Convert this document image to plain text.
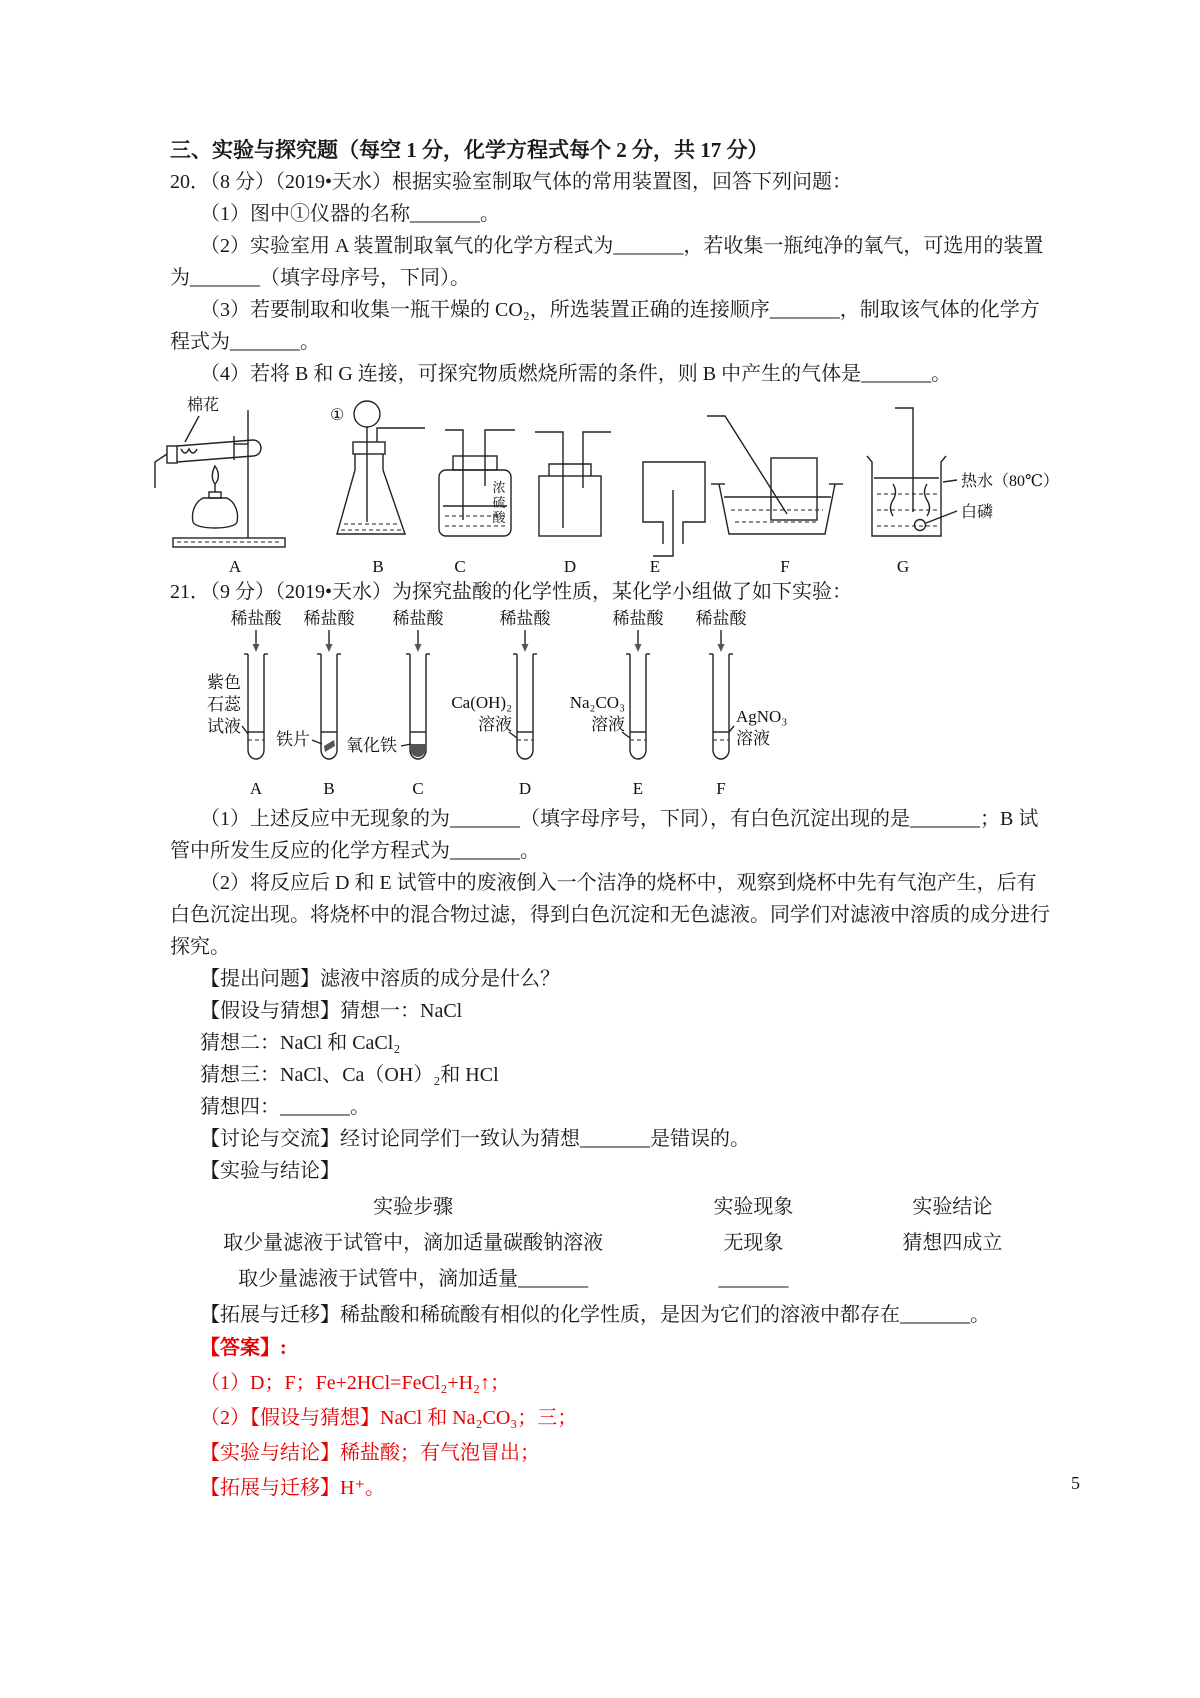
三、实验与探究题（每空 1 分，化学方程式每个 2 分，共 17 分）

20．（8 分）（2019•天水）根据实验室制取气体的常用装置图，回答下列问题：

（1）图中①仪器的名称_______。

（2）实验室用 A 装置制取氧气的化学方程式为_______，若收集一瓶纯净的氧气，可选用的装置为_______（填字母序号，下同）。

（3）若要制取和收集一瓶干燥的 CO₂，所选装置正确的连接顺序_______，制取该气体的化学方程式为_______。

（4）若将 B 和 G 连接，可探究物质燃烧所需的条件，则 B 中产生的气体是_______。

棉花
①
浓
硫
酸
热水（80℃）
白磷
A	B	C	D	E	F	G

21．（9 分）（2019•天水）为探究盐酸的化学性质，某化学小组做了如下实验：

稀盐酸 稀盐酸 稀盐酸	稀盐酸	稀盐酸 稀盐酸
紫色
石蕊
试液
铁片 氧化铁
Ca(OH)₂
溶液
Na₂CO₃
溶液	AgNO₃
溶液
A	B	C	D	E	F

（1）上述反应中无现象的为_______（填字母序号，下同），有白色沉淀出现的是_______；B 试管中所发生反应的化学方程式为_______。

（2）将反应后 D 和 E 试管中的废液倒入一个洁净的烧杯中，观察到烧杯中先有气泡产生，后有白色沉淀出现。将烧杯中的混合物过滤，得到白色沉淀和无色滤液。同学们对滤液中溶质的成分进行探究。

【提出问题】滤液中溶质的成分是什么？

【假设与猜想】猜想一：NaCl

猜想二：NaCl 和 CaCl₂

猜想三：NaCl、Ca（OH）₂和 HCl

猜想四：_______。

【讨论与交流】经讨论同学们一致认为猜想_______是错误的。

【实验与结论】

实验步骤	实验现象	实验结论
取少量滤液于试管中，滴加适量碳酸钠溶液	无现象	猜想四成立
取少量滤液于试管中，滴加适量_______	_______	

【拓展与迁移】稀盐酸和稀硫酸有相似的化学性质，是因为它们的溶液中都存在_______。

【答案】:

（1）D；F；Fe+2HCl=FeCl₂+H₂↑；

（2）【假设与猜想】NaCl 和 Na₂CO₃；三；

【实验与结论】稀盐酸；有气泡冒出；

【拓展与迁移】H⁺。	5
